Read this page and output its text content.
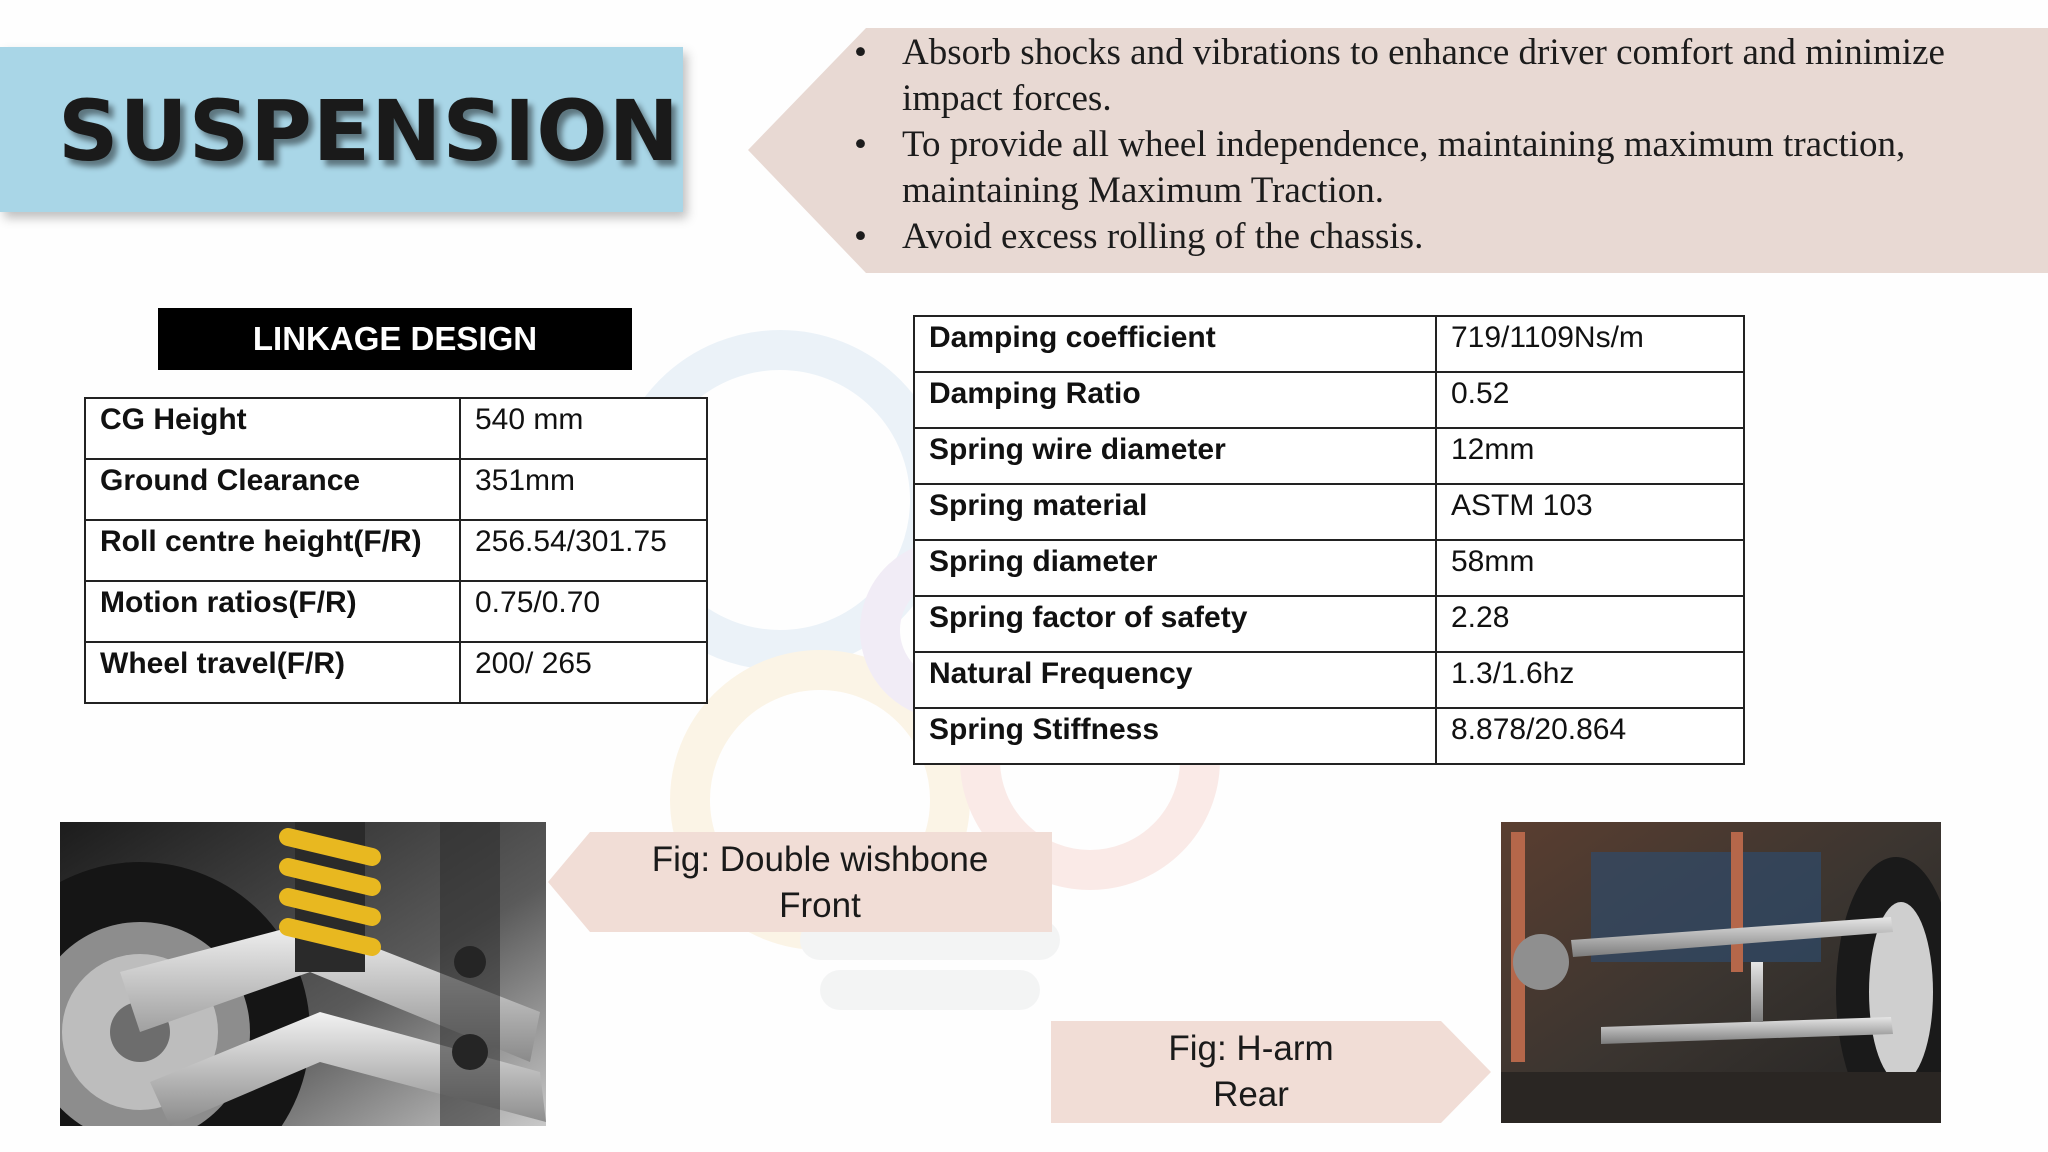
SUSPENSION
• Absorb shocks and vibrations to enhance driver comfort and minimize impact forces.
• To provide all wheel independence, maintaining maximum traction, maintaining Maximum Traction.
• Avoid excess rolling of the chassis.
LINKAGE DESIGN
CG Height	540 mm
Ground Clearance	351mm
Roll centre height(F/R)	256.54/301.75
Motion ratios(F/R)	0.75/0.70
Wheel travel(F/R)	200/ 265
Damping coefficient	719/1109Ns/m
Damping Ratio	0.52
Spring wire diameter	12mm
Spring material	ASTM 103
Spring diameter	58mm
Spring factor of safety	2.28
Natural Frequency	1.3/1.6hz
Spring Stiffness	8.878/20.864
Fig: Double wishbone
Front
Fig: H-arm
Rear
